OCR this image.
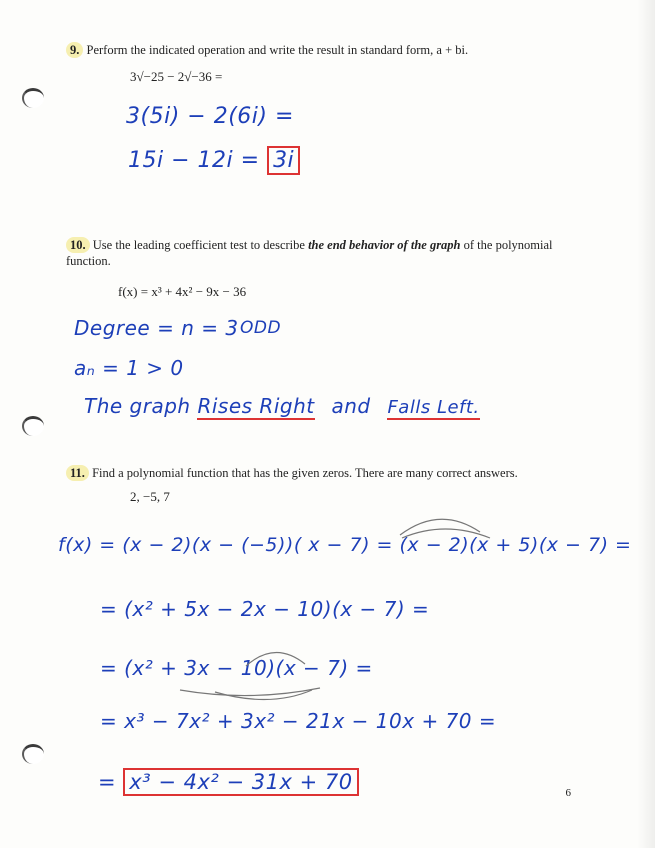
9. Perform the indicated operation and write the result in standard form, a + bi.
3√−25 − 2√−36 =
3(5i) − 2(6i) =
15i − 12i = 3i
10. Use the leading coefficient test to describe the end behavior of the graph of the polynomial function.
f(x) = x³ + 4x² − 9x − 36
Degree = n = 3 ODD
aₙ = 1 > 0
The graph Rises Right and Falls Left.
11. Find a polynomial function that has the given zeros. There are many correct answers.
2, −5, 7
f(x) = (x − 2)(x − (−5))( x − 7) = (x − 2)(x + 5)(x − 7) =
= (x² + 5x − 2x − 10)(x − 7) =
= (x² + 3x − 10)(x − 7) =
= x³ − 7x² + 3x² − 21x − 10x + 70 =
= x³ − 4x² − 31x + 70	6
